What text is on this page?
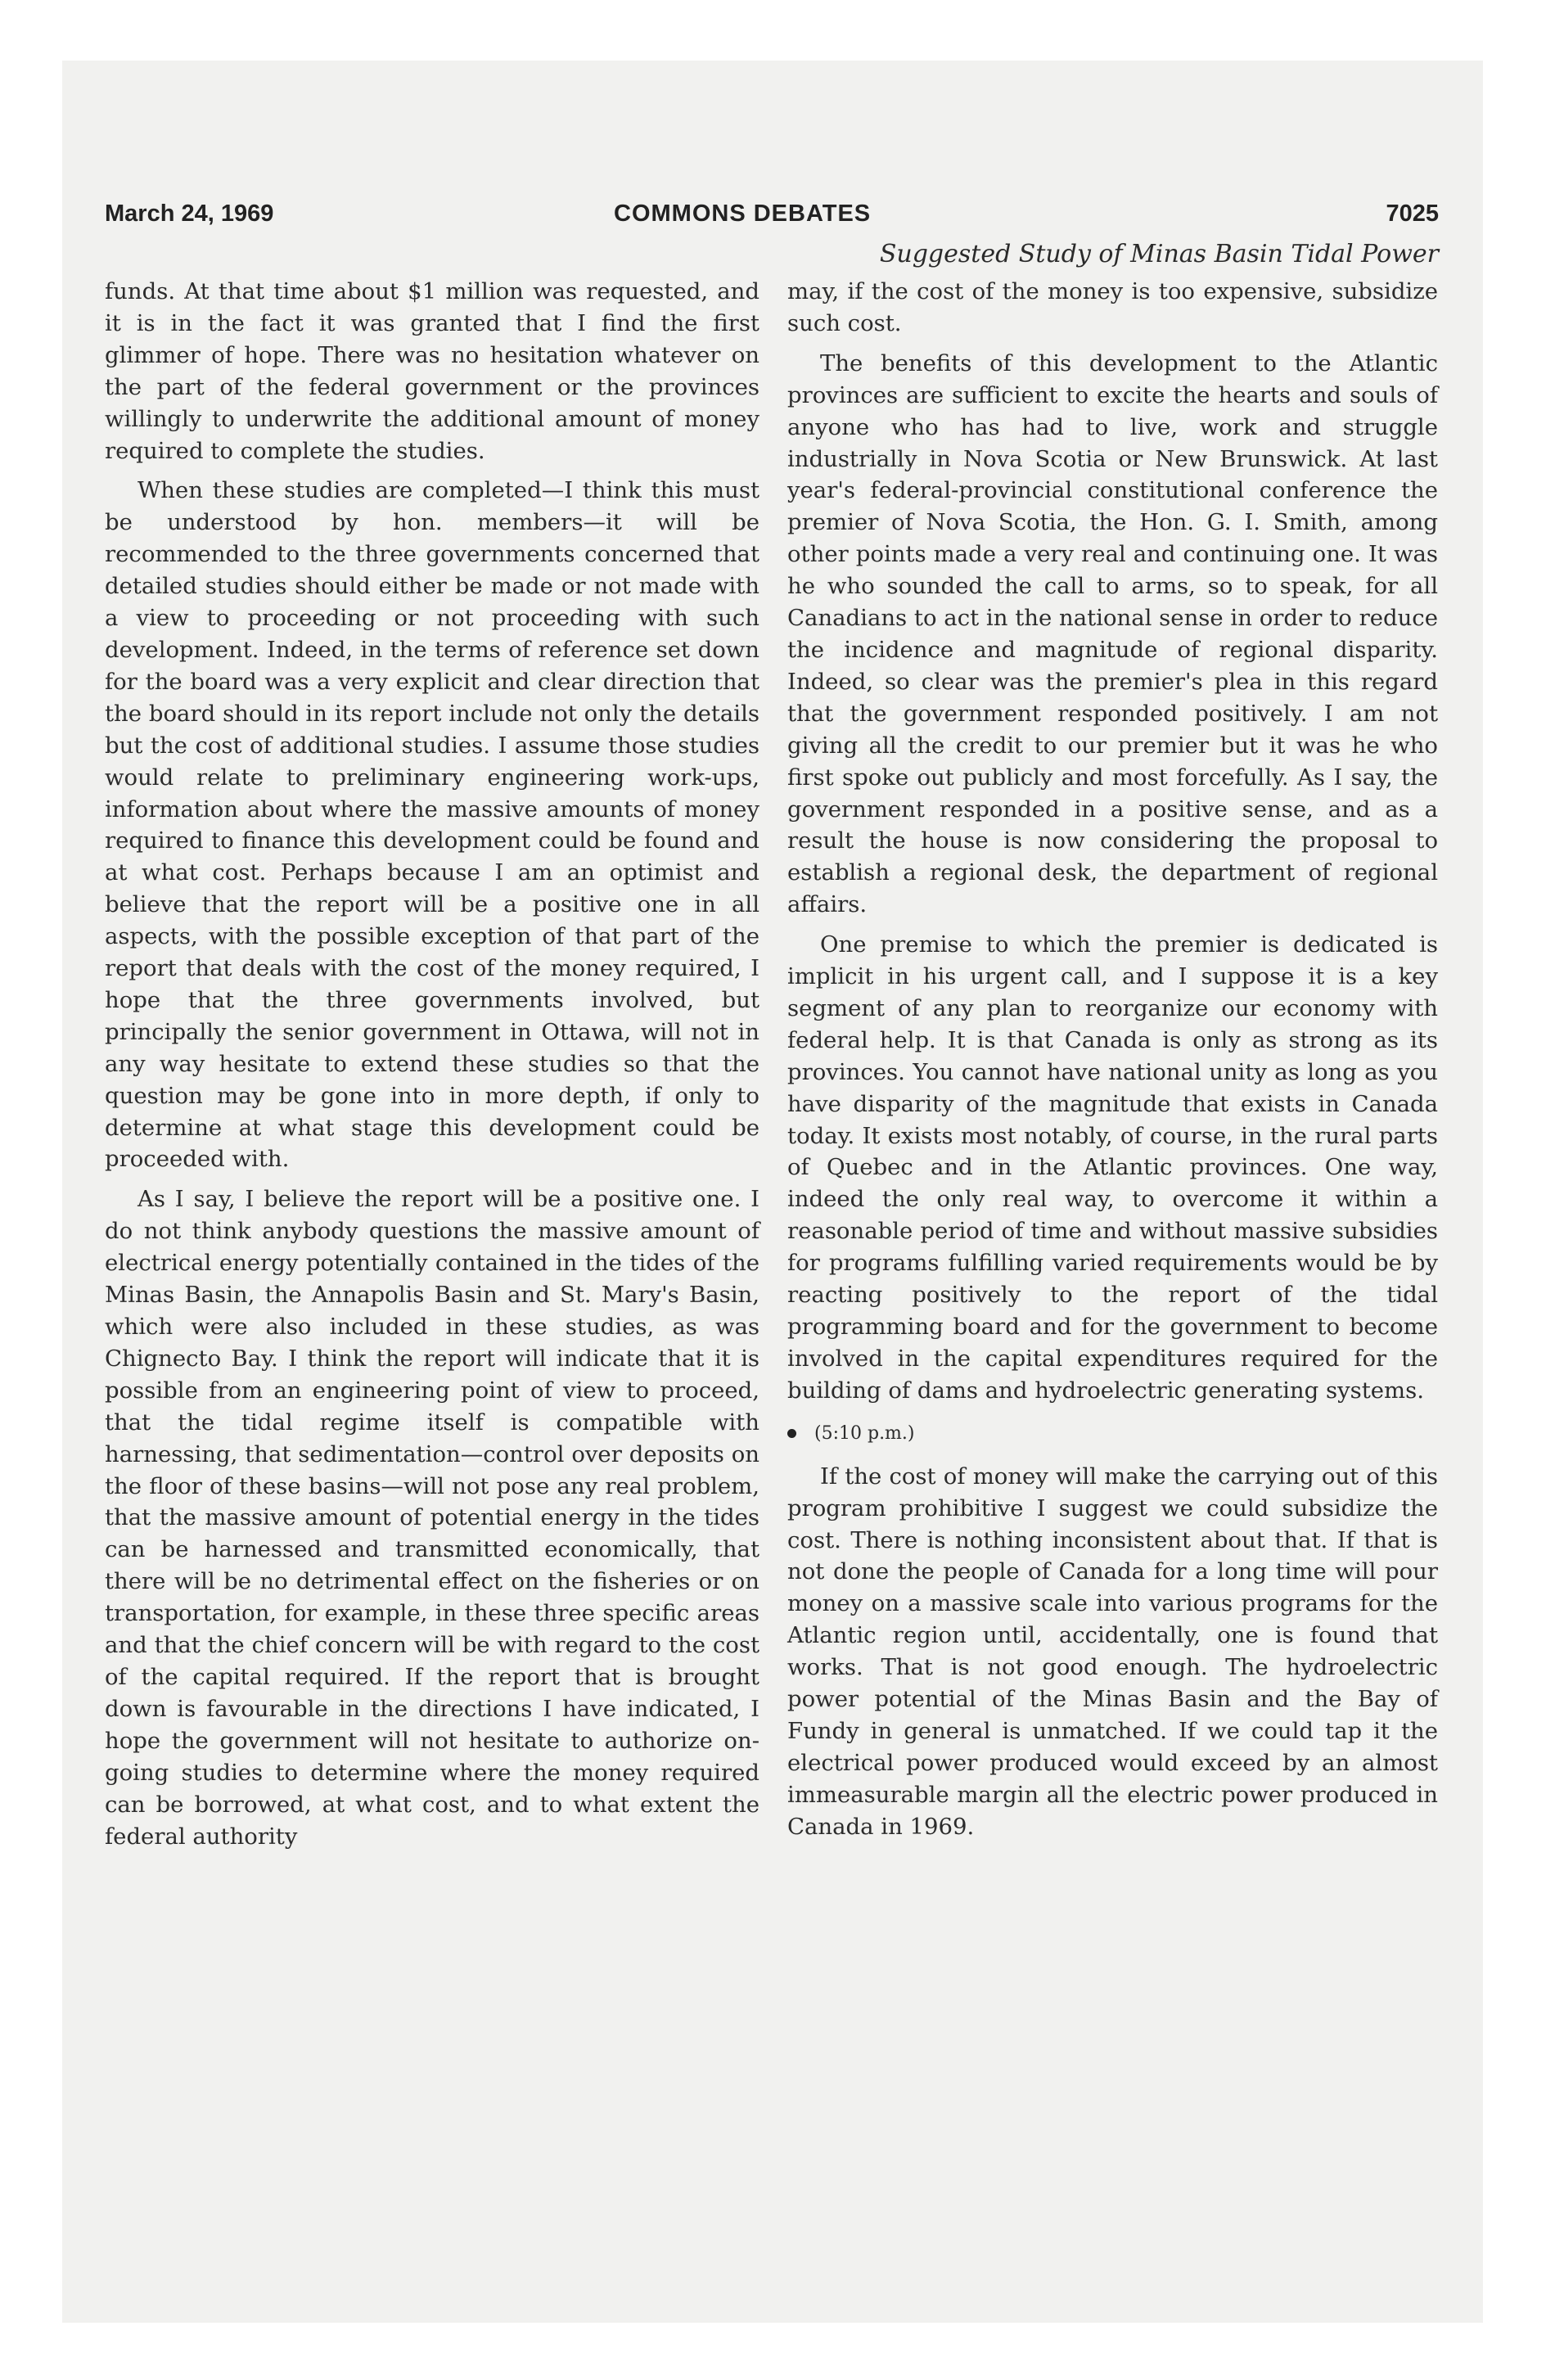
March 24, 1969	COMMONS DEBATES	7025
Suggested Study of Minas Basin Tidal Power

funds. At that time about $1 million was requested, and it is in the fact it was granted that I find the first glimmer of hope. There was no hesitation whatever on the part of the federal government or the provinces willingly to underwrite the additional amount of money required to complete the studies.

When these studies are completed—I think this must be understood by hon. members—it will be recommended to the three governments concerned that detailed studies should either be made or not made with a view to proceeding or not proceeding with such development. Indeed, in the terms of reference set down for the board was a very explicit and clear direction that the board should in its report include not only the details but the cost of additional studies. I assume those studies would relate to preliminary engineering work-ups, information about where the massive amounts of money required to finance this development could be found and at what cost. Perhaps because I am an optimist and believe that the report will be a positive one in all aspects, with the possible exception of that part of the report that deals with the cost of the money required, I hope that the three governments involved, but principally the senior government in Ottawa, will not in any way hesitate to extend these studies so that the question may be gone into in more depth, if only to determine at what stage this development could be proceeded with.

As I say, I believe the report will be a positive one. I do not think anybody questions the massive amount of electrical energy potentially contained in the tides of the Minas Basin, the Annapolis Basin and St. Mary's Basin, which were also included in these studies, as was Chignecto Bay. I think the report will indicate that it is possible from an engineering point of view to proceed, that the tidal regime itself is compatible with harnessing, that sedimentation—control over deposits on the floor of these basins—will not pose any real problem, that the massive amount of potential energy in the tides can be harnessed and transmitted economically, that there will be no detrimental effect on the fisheries or on transportation, for example, in these three specific areas and that the chief concern will be with regard to the cost of the capital required. If the report that is brought down is favourable in the directions I have indicated, I hope the government will not hesitate to authorize on-going studies to determine where the money required can be borrowed, at what cost, and to what extent the federal authority

may, if the cost of the money is too expensive, subsidize such cost.

The benefits of this development to the Atlantic provinces are sufficient to excite the hearts and souls of anyone who has had to live, work and struggle industrially in Nova Scotia or New Brunswick. At last year's federal-provincial constitutional conference the premier of Nova Scotia, the Hon. G. I. Smith, among other points made a very real and continuing one. It was he who sounded the call to arms, so to speak, for all Canadians to act in the national sense in order to reduce the incidence and magnitude of regional disparity. Indeed, so clear was the premier's plea in this regard that the government responded positively. I am not giving all the credit to our premier but it was he who first spoke out publicly and most forcefully. As I say, the government responded in a positive sense, and as a result the house is now considering the proposal to establish a regional desk, the department of regional affairs.

One premise to which the premier is dedicated is implicit in his urgent call, and I suppose it is a key segment of any plan to reorganize our economy with federal help. It is that Canada is only as strong as its provinces. You cannot have national unity as long as you have disparity of the magnitude that exists in Canada today. It exists most notably, of course, in the rural parts of Quebec and in the Atlantic provinces. One way, indeed the only real way, to overcome it within a reasonable period of time and without massive subsidies for programs fulfilling varied requirements would be by reacting positively to the report of the tidal programming board and for the government to become involved in the capital expenditures required for the building of dams and hydroelectric generating systems.

(5:10 p.m.)

If the cost of money will make the carrying out of this program prohibitive I suggest we could subsidize the cost. There is nothing inconsistent about that. If that is not done the people of Canada for a long time will pour money on a massive scale into various programs for the Atlantic region until, accidentally, one is found that works. That is not good enough. The hydroelectric power potential of the Minas Basin and the Bay of Fundy in general is unmatched. If we could tap it the electrical power produced would exceed by an almost immeasurable margin all the electric power produced in Canada in 1969.
